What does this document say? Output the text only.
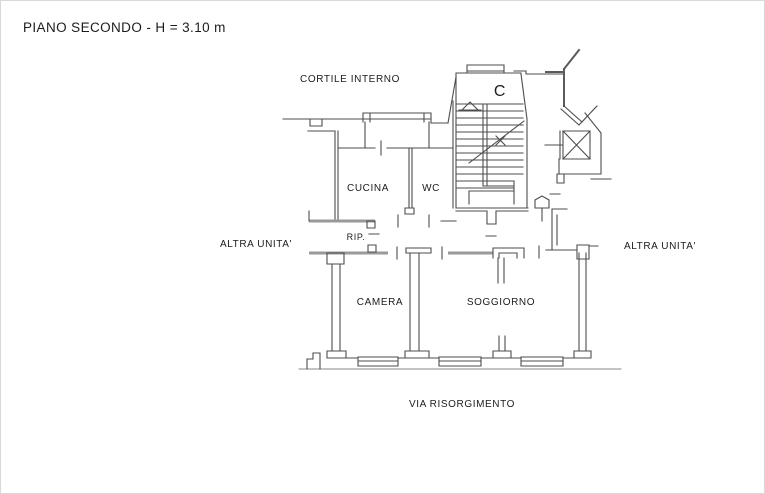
PIANO SECONDO - H = 3.10 m
CORTILE INTERNO
C
CUCINA	WC
RIP.
ALTRA UNITA'	ALTRA UNITA'
CAMERA	SOGGIORNO
VIA RISORGIMENTO
